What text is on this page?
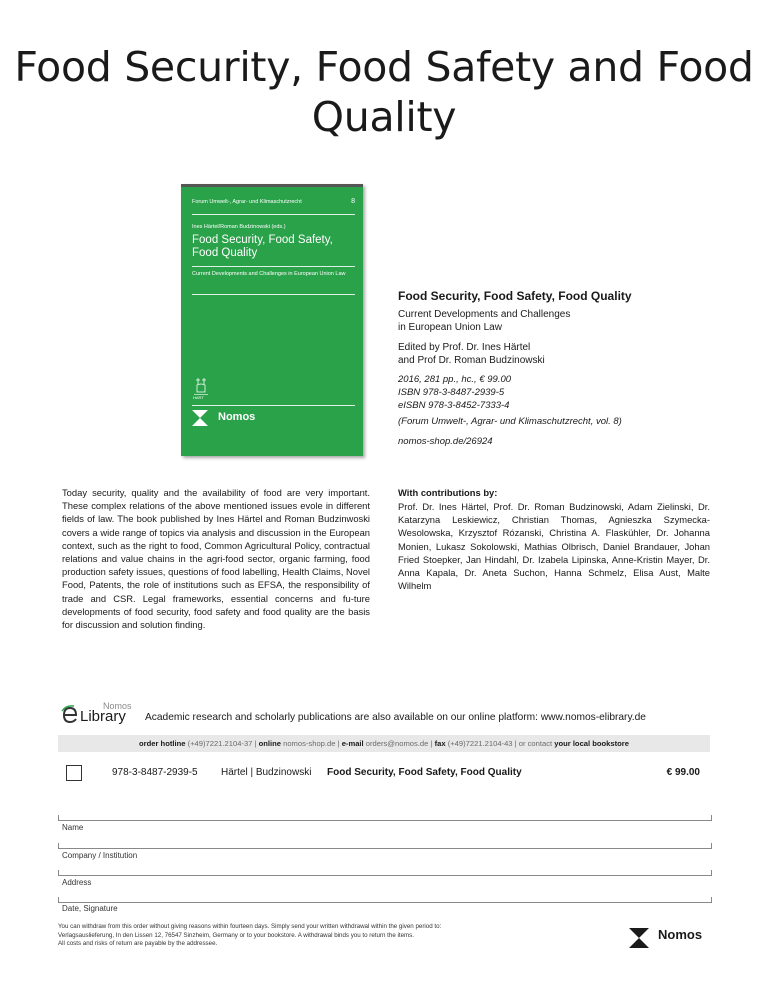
Food Security, Food Safety and Food Quality
Forum Umwelt-, Agrar- und Klimaschutzrecht	8
Ines Härtel/Roman Budzinowski (eds.)
Food Security, Food Safety, Food Quality
Current Developments and Challenges in European Union Law
HART
Nomos
Food Security, Food Safety, Food Quality
Current Developments and Challenges
in European Union Law
Edited by Prof. Dr. Ines Härtel
and Prof Dr. Roman Budzinowski
2016, 281 pp., hc., € 99.00
ISBN 978-3-8487-2939-5
eISBN 978-3-8452-7333-4
(Forum Umwelt-, Agrar- und Klimaschutzrecht, vol. 8)
nomos-shop.de/26924
Today security, quality and the availability of food are very important. These complex relations of the above mentioned issues evole in different fields of law. The book published by Ines Härtel and Roman Budzinwoski covers a wide range of topics via analysis and discussion in the European context, such as the right to food, Common Agricultural Policy, contractual relations and value chains in the agri-food sector, organic farming, food production safety issues, questions of food labelling, Health Claims, Novel Food, Patents, the role of institutions such as EFSA, the responsibility of trade and CSR. Legal frameworks, essential concerns and fu-ture developments of food security, food safety and food quality are the basis for discussion and solution finding.
With contributions by:
Prof. Dr. Ines Härtel, Prof. Dr. Roman Budzinowski, Adam Zielinski, Dr. Katarzyna Leskiewicz, Christian Thomas, Agnieszka Szymecka-Wesolowska, Krzysztof Rózanski, Christina A. Flaskühler, Dr. Johanna Monien, Lukasz Sokolowski, Mathias Olbrisch, Daniel Brandauer, Johan Fried Stoepker, Jan Hindahl, Dr. Izabela Lipinska, Anne-Kristin Mayer, Dr. Anna Kapala, Dr. Aneta Suchon, Hanna Schmelz, Elisa Aust, Malte Wilhelm
Nomos
Library Academic research and scholarly publications are also available on our online platform: www.nomos-elibrary.de
order hotline (+49)7221.2104-37 | online nomos-shop.de | e-mail orders@nomos.de | fax (+49)7221.2104-43 | or contact your local bookstore
978-3-8487-2939-5 Härtel | Budzinowski Food Security, Food Safety, Food Quality	€ 99.00
Name
Company / Institution
Address
Date, Signature
You can withdraw from this order without giving reasons within fourteen days. Simply send your written withdrawal within the given period to:
Verlagsauslieferung, In den Lissen 12, 76547 Sinzheim, Germany or to your bookstore. A withdrawal binds you to return the items.
All costs and risks of return are payable by the addressee.
Nomos
